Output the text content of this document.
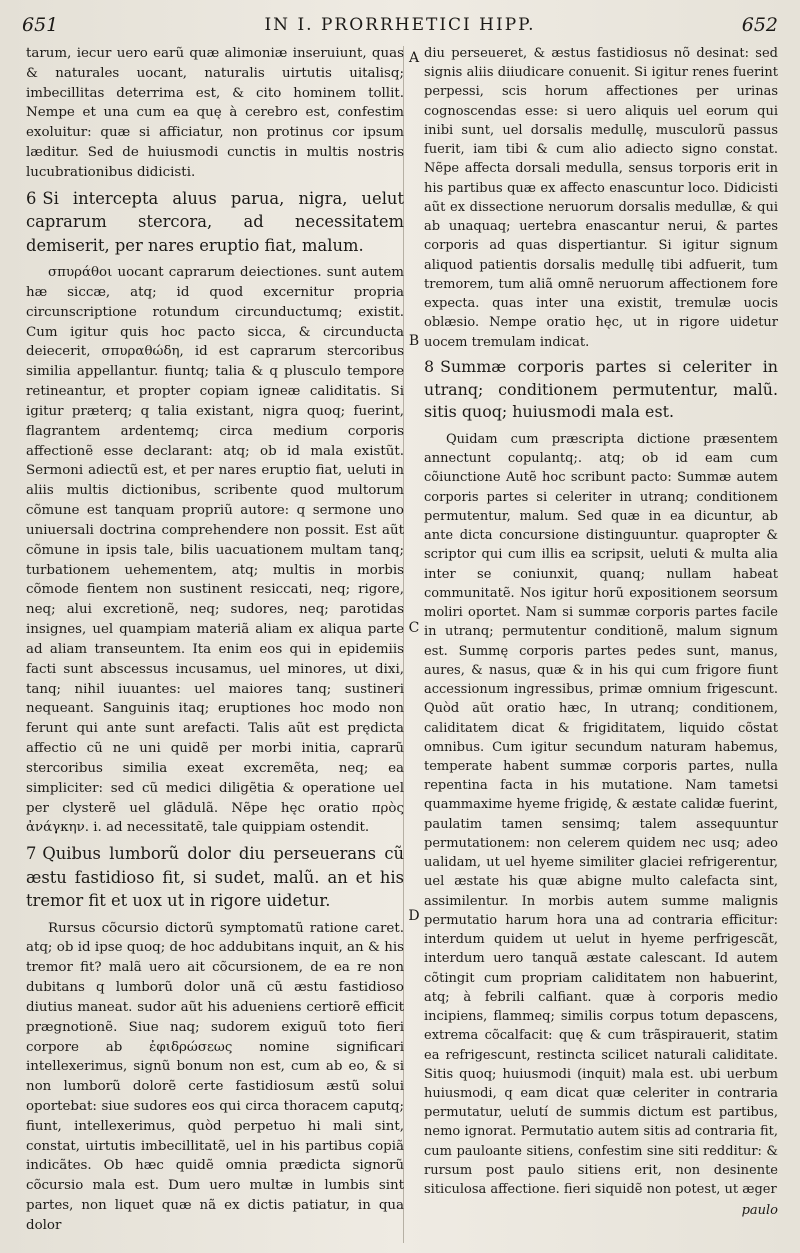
651	IN I. PRORRHETICI HIPP.	652
A
B
C
D

tarum, iecur uero earũ quæ alimoniæ inseruiunt, quas & naturales uocant, naturalis uirtutis uitalisq; imbecillitas deterrima est, & cito hominem tollit. Nempe et una cum ea quę à cerebro est, confestim exoluitur: quæ si afficiatur, non protinus cor ipsum læditur. Sed de huiusmodi cunctis in multis nostris lucubrationibus didicisti.

6 Si intercepta aluus parua, nigra, uelut caprarum stercora, ad necessitatem demiserit, per nares eruptio fiat, malum.

σπυράθοι uocant caprarum deiectiones. sunt autem hæ siccæ, atq; id quod excernitur propria circunscriptione rotundum circunductumq; existit. Cum igitur quis hoc pacto sicca, & circunducta deiecerit, σπυραθώδη, id est caprarum stercoribus similia appellantur. fiuntq; talia & q plusculo tempore retineantur, et propter copiam igneæ caliditatis. Si igitur præterq; q talia existant, nigra quoq; fuerint, flagrantem ardentemq; circa medium corporis affectionẽ esse declarant: atq; ob id mala existũt. Sermoni adiectũ est, et per nares eruptio fiat, ueluti in aliis multis dictionibus, scribente quod multorum cõmune est tanquam propriũ autore: q sermone uno uniuersali doctrina comprehendere non possit. Est aũt cõmune in ipsis tale, bilis uacuationem multam tanq; turbationem uehementem, atq; multis in morbis cõmode fientem non sustinent resiccati, neq; rigore, neq; alui excretionẽ, neq; sudores, neq; parotidas insignes, uel quampiam materiã aliam ex aliqua parte ad aliam transeuntem. Ita enim eos qui in epidemiis facti sunt abscessus incusamus, uel minores, ut dixi, tanq; nihil iuuantes: uel maiores tanq; sustineri nequeant. Sanguinis itaq; eruptiones hoc modo non ferunt qui ante sunt arefacti. Talis aũt est prędicta affectio cũ ne uni quidẽ per morbi initia, caprarũ stercoribus similia exeat excremẽta, neq; ea simpliciter: sed cũ medici diligẽtia & operatione uel per clysterẽ uel glãdulã. Nẽpe hęc oratio πρὸς ἀνάγκην. i. ad necessitatẽ, tale quippiam ostendit.

7 Quibus lumborũ dolor diu perseuerans cũ æstu fastidioso fit, si sudet, malũ. an et his tremor fit et uox ut in rigore uidetur.

Rursus cõcursio dictorũ symptomatũ ratione caret. atq; ob id ipse quoq; de hoc addubitans inquit, an & his tremor fit? malã uero ait cõcursionem, de ea re non dubitans q lumborũ dolor unã cũ æstu fastidioso diutius maneat. sudor aũt his adueniens certiorẽ efficit prægnotionẽ. Siue naq; sudorem exiguũ toto fieri corpore ab ἐφιδρώσεως nomine significari intellexerimus, signũ bonum non est, cum ab eo, & si non lumborũ dolorẽ certe fastidiosum æstũ solui oportebat: siue sudores eos qui circa thoracem caputq; fiunt, intellexerimus, quòd perpetuo hi mali sint, constat, uirtutis imbecillitatẽ, uel in his partibus copiã indicãtes. Ob hæc quidẽ omnia prædicta signorũ cõcursio mala est. Dum uero multæ in lumbis sint partes, non liquet quæ nã ex dictis patiatur, in qua dolor

diu perseueret, & æstus fastidiosus nõ desinat: sed signis aliis diiudicare conuenit. Si igitur renes fuerint perpessi, scis horum affectiones per urinas cognoscendas esse: si uero aliquis uel eorum qui inibi sunt, uel dorsalis medullę, musculorũ passus fuerit, iam tibi & cum alio adiecto signo constat. Nẽpe affecta dorsali medulla, sensus torporis erit in his partibus quæ ex affecto enascuntur loco. Didicisti aũt ex dissectione neruorum dorsalis medullæ, & qui ab unaquaq; uertebra enascantur nerui, & partes corporis ad quas dispertiantur. Si igitur signum aliquod patientis dorsalis medullę tibi adfuerit, tum tremorem, tum aliã omnẽ neruorum affectionem fore expecta. quas inter una existit, tremulæ uocis oblæsio. Nempe oratio hęc, ut in rigore uidetur uocem tremulam indicat.

8 Summæ corporis partes si celeriter in utranq; conditionem permutentur, malũ. sitis quoq; huiusmodi mala est.

Quidam cum præscripta dictione præsentem annectunt copulantq;. atq; ob id eam cum cõiunctione Autẽ hoc scribunt pacto: Summæ autem corporis partes si celeriter in utranq; conditionem permutentur, malum. Sed quæ in ea dicuntur, ab ante dicta concursione distinguuntur. quapropter & scriptor qui cum illis ea scripsit, ueluti & multa alia inter se coniunxit, quanq; nullam habeat communitatẽ. Nos igitur horũ expositionem seorsum moliri oportet. Nam si summæ corporis partes facile in utranq; permutentur conditionẽ, malum signum est. Summę corporis partes pedes sunt, manus, aures, & nasus, quæ & in his qui cum frigore fiunt accessionum ingressibus, primæ omnium frigescunt. Quòd aũt oratio hæc, In utranq; conditionem, caliditatem dicat & frigiditatem, liquido cõstat omnibus. Cum igitur secundum naturam habemus, temperate habent summæ corporis partes, nulla repentina facta in his mutatione. Nam tametsi quammaxime hyeme frigidę, & æstate calidæ fuerint, paulatim tamen sensimq; talem assequuntur permutationem: non celerem quidem nec usq; adeo ualidam, ut uel hyeme similiter glaciei refrigerentur, uel æstate his quæ abigne multo calefacta sint, assimilentur. In morbis autem summe malignis permutatio harum hora una ad contraria efficitur: interdum quidem ut uelut in hyeme perfrigescãt, interdum uero tanquã æstate calescant. Id autem cõtingit cum propriam caliditatem non habuerint, atq; à febrili calfiant. quæ à corporis medio incipiens, flammeq; similis corpus totum depascens, extrema cõcalfacit: quę & cum trãspirauerit, statim ea refrigescunt, restincta scilicet naturali caliditate. Sitis quoq; huiusmodi (inquit) mala est. ubi uerbum huiusmodi, q eam dicat quæ celeriter in contraria permutatur, uelutí de summis dictum est partibus, nemo ignorat. Permutatio autem sitis ad contraria fit, cum pauloante sitiens, confestim sine siti redditur: & rursum post paulo sitiens erit, non desinente siticulosa affectione. fieri siquidẽ non potest, ut æger

paulo
